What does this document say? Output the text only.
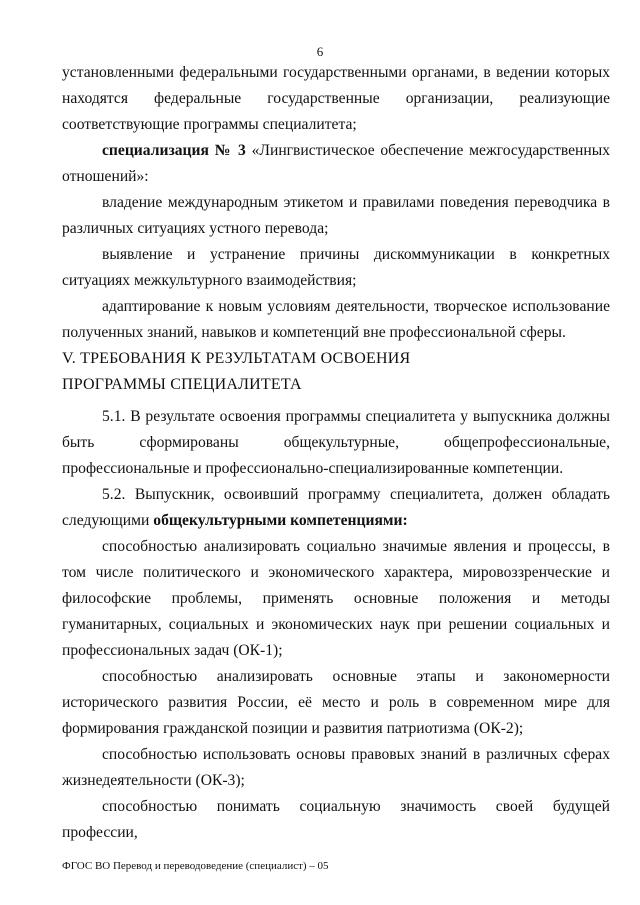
6

установленными федеральными государственными органами, в ведении которых находятся федеральные государственные организации, реализующие соответствующие программы специалитета;

специализация № 3 «Лингвистическое обеспечение межгосударственных отношений»:

владение международным этикетом и правилами поведения переводчика в различных ситуациях устного перевода;

выявление и устранение причины дискоммуникации в конкретных ситуациях межкультурного взаимодействия;

адаптирование к новым условиям деятельности, творческое использование полученных знаний, навыков и компетенций вне профессиональной сферы.

V. ТРЕБОВАНИЯ К РЕЗУЛЬТАТАМ ОСВОЕНИЯ

ПРОГРАММЫ СПЕЦИАЛИТЕТА

5.1. В результате освоения программы специалитета у выпускника должны быть сформированы общекультурные, общепрофессиональные, профессиональные и профессионально-специализированные компетенции.

5.2. Выпускник, освоивший программу специалитета, должен обладать следующими общекультурными компетенциями:

способностью анализировать социально значимые явления и процессы, в том числе политического и экономического характера, мировоззренческие и философские проблемы, применять основные положения и методы гуманитарных, социальных и экономических наук при решении социальных и профессиональных задач (ОК-1);

способностью анализировать основные этапы и закономерности исторического развития России, её место и роль в современном мире для формирования гражданской позиции и развития патриотизма (ОК-2);

способностью использовать основы правовых знаний в различных сферах жизнедеятельности (ОК-3);

способностью понимать социальную значимость своей будущей профессии,

ФГОС ВО Перевод и переводоведение (специалист) – 05
